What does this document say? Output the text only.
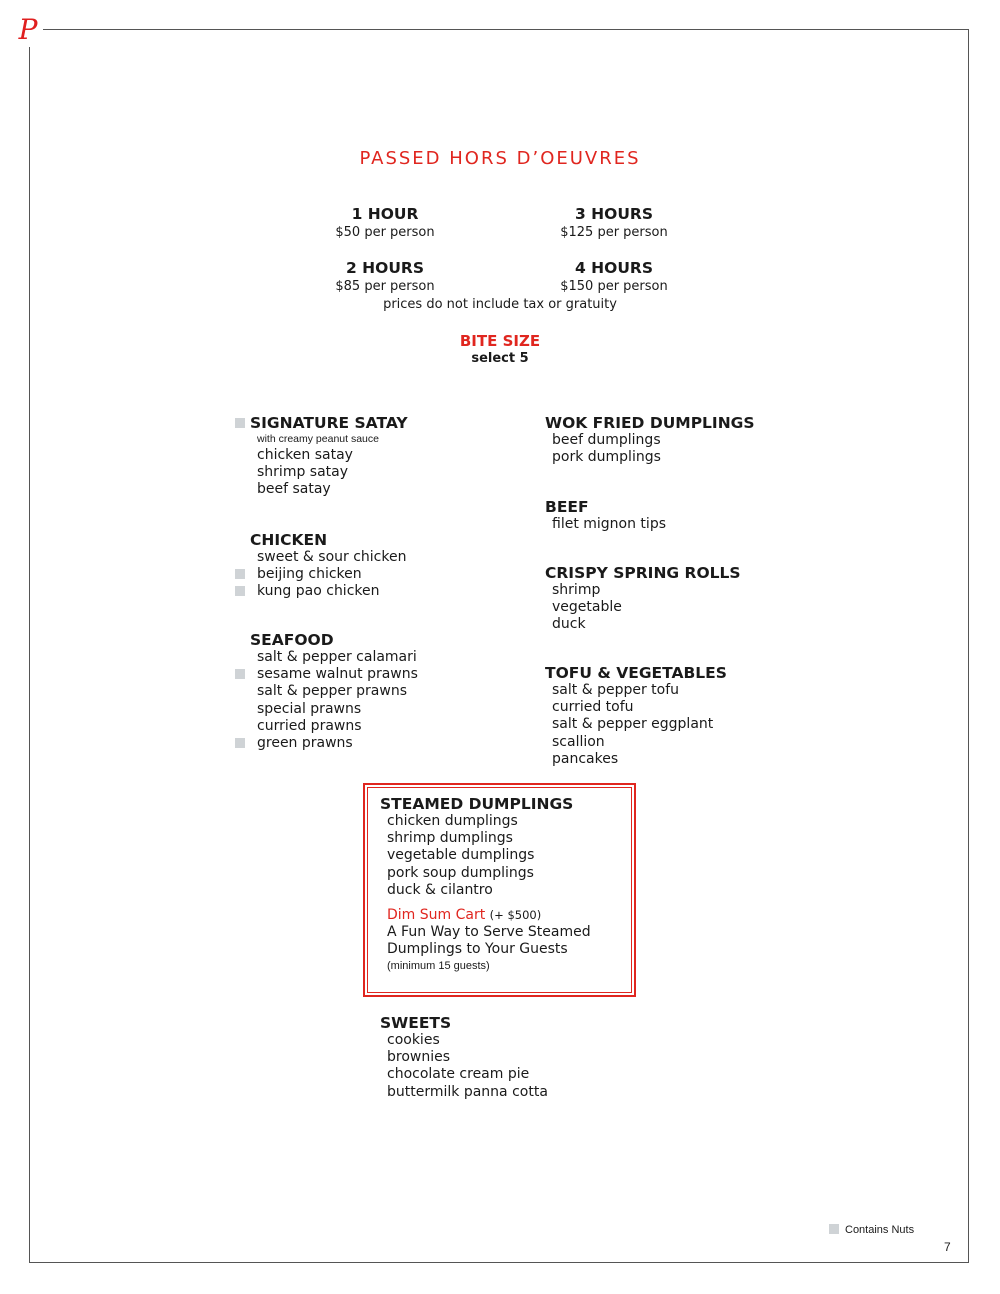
P
PASSED HORS D’OEUVRES
1 HOUR
$50 per person
3 HOURS
$125 per person
2 HOURS
$85 per person
4 HOURS
$150 per person
prices do not include tax or gratuity
BITE SIZE
select 5
SIGNATURE SATAY
with creamy peanut sauce
chicken satay
shrimp satay
beef satay
CHICKEN
sweet & sour chicken
beijing chicken
kung pao chicken
SEAFOOD
salt & pepper calamari
sesame walnut prawns
salt & pepper prawns
special prawns
curried prawns
green prawns
WOK FRIED DUMPLINGS
beef dumplings
pork dumplings
BEEF
filet mignon tips
CRISPY SPRING ROLLS
shrimp
vegetable
duck
TOFU & VEGETABLES
salt & pepper tofu
curried tofu
salt & pepper eggplant
scallion
pancakes
STEAMED DUMPLINGS
chicken dumplings
shrimp dumplings
vegetable dumplings
pork soup dumplings
duck & cilantro
Dim Sum Cart (+ $500)
A Fun Way to Serve Steamed
Dumplings to Your Guests
(minimum 15 guests)
SWEETS
cookies
brownies
chocolate cream pie
buttermilk panna cotta
Contains Nuts
7
